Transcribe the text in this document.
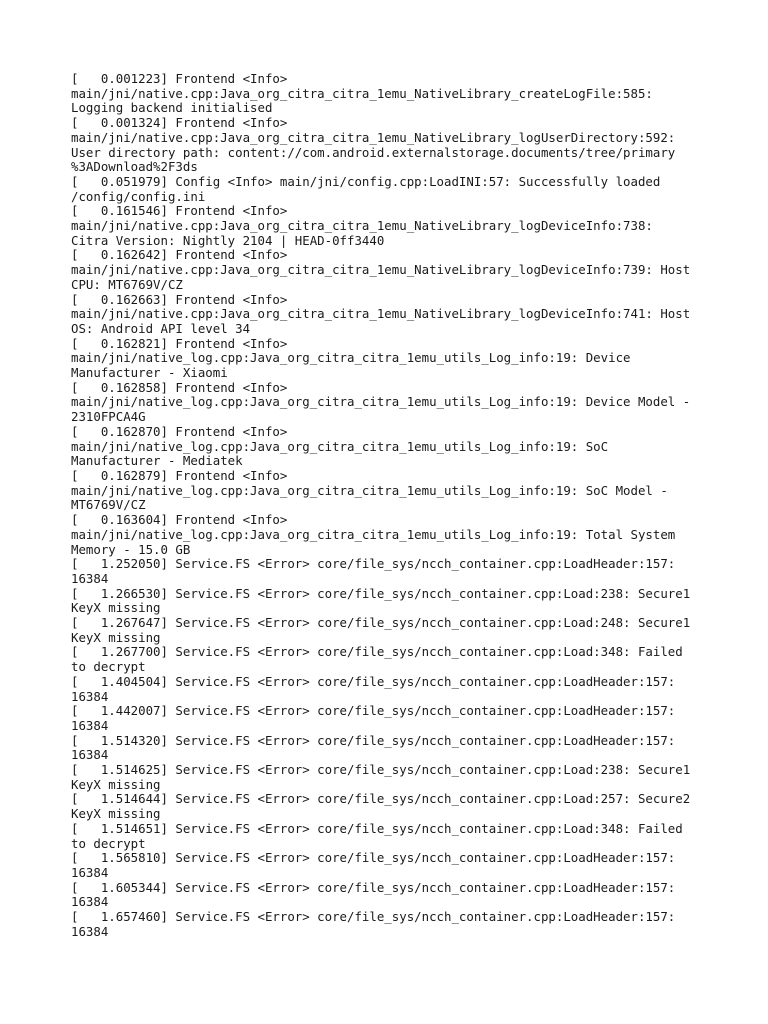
[   0.001223] Frontend <Info>
main/jni/native.cpp:Java_org_citra_citra_1emu_NativeLibrary_createLogFile:585:
Logging backend initialised
[   0.001324] Frontend <Info>
main/jni/native.cpp:Java_org_citra_citra_1emu_NativeLibrary_logUserDirectory:592:
User directory path: content://com.android.externalstorage.documents/tree/primary
%3ADownload%2F3ds
[   0.051979] Config <Info> main/jni/config.cpp:LoadINI:57: Successfully loaded
/config/config.ini
[   0.161546] Frontend <Info>
main/jni/native.cpp:Java_org_citra_citra_1emu_NativeLibrary_logDeviceInfo:738:
Citra Version: Nightly 2104 | HEAD-0ff3440
[   0.162642] Frontend <Info>
main/jni/native.cpp:Java_org_citra_citra_1emu_NativeLibrary_logDeviceInfo:739: Host
CPU: MT6769V/CZ
[   0.162663] Frontend <Info>
main/jni/native.cpp:Java_org_citra_citra_1emu_NativeLibrary_logDeviceInfo:741: Host
OS: Android API level 34
[   0.162821] Frontend <Info>
main/jni/native_log.cpp:Java_org_citra_citra_1emu_utils_Log_info:19: Device
Manufacturer - Xiaomi
[   0.162858] Frontend <Info>
main/jni/native_log.cpp:Java_org_citra_citra_1emu_utils_Log_info:19: Device Model -
2310FPCA4G
[   0.162870] Frontend <Info>
main/jni/native_log.cpp:Java_org_citra_citra_1emu_utils_Log_info:19: SoC
Manufacturer - Mediatek
[   0.162879] Frontend <Info>
main/jni/native_log.cpp:Java_org_citra_citra_1emu_utils_Log_info:19: SoC Model -
MT6769V/CZ
[   0.163604] Frontend <Info>
main/jni/native_log.cpp:Java_org_citra_citra_1emu_utils_Log_info:19: Total System
Memory - 15.0 GB
[   1.252050] Service.FS <Error> core/file_sys/ncch_container.cpp:LoadHeader:157:
16384
[   1.266530] Service.FS <Error> core/file_sys/ncch_container.cpp:Load:238: Secure1
KeyX missing
[   1.267647] Service.FS <Error> core/file_sys/ncch_container.cpp:Load:248: Secure1
KeyX missing
[   1.267700] Service.FS <Error> core/file_sys/ncch_container.cpp:Load:348: Failed
to decrypt
[   1.404504] Service.FS <Error> core/file_sys/ncch_container.cpp:LoadHeader:157:
16384
[   1.442007] Service.FS <Error> core/file_sys/ncch_container.cpp:LoadHeader:157:
16384
[   1.514320] Service.FS <Error> core/file_sys/ncch_container.cpp:LoadHeader:157:
16384
[   1.514625] Service.FS <Error> core/file_sys/ncch_container.cpp:Load:238: Secure1
KeyX missing
[   1.514644] Service.FS <Error> core/file_sys/ncch_container.cpp:Load:257: Secure2
KeyX missing
[   1.514651] Service.FS <Error> core/file_sys/ncch_container.cpp:Load:348: Failed
to decrypt
[   1.565810] Service.FS <Error> core/file_sys/ncch_container.cpp:LoadHeader:157:
16384
[   1.605344] Service.FS <Error> core/file_sys/ncch_container.cpp:LoadHeader:157:
16384
[   1.657460] Service.FS <Error> core/file_sys/ncch_container.cpp:LoadHeader:157:
16384
